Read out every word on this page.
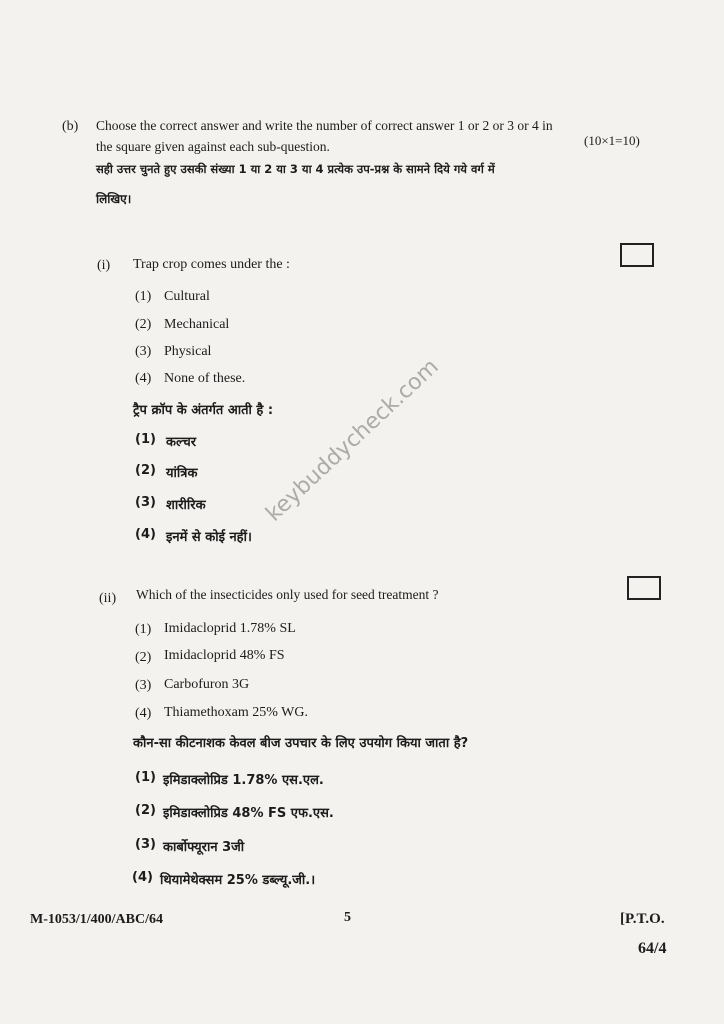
(b) Choose the correct answer and write the number of correct answer 1 or 2 or 3 or 4 in
the square given against each sub-question.	(10×1=10)
सही उत्तर चुनते हुए उसकी संख्या 1 या 2 या 3 या 4 प्रत्येक उप-प्रश्न के सामने दिये गये वर्ग में
लिखिए।
(i) Trap crop comes under the :
(1) Cultural
(2) Mechanical
(3) Physical
(4) None of these.
ट्रैप क्रॉप के अंतर्गत आती है :
(1) कल्चर
(2) यांत्रिक
(3) शारीरिक
(4) इनमें से कोई नहीं।
(ii) Which of the insecticides only used for seed treatment ?
(1) Imidacloprid 1.78% SL
(2) Imidacloprid 48% FS
(3) Carbofuron 3G
(4) Thiamethoxam 25% WG.
कौन-सा कीटनाशक केवल बीज उपचार के लिए उपयोग किया जाता है?
(1) इमिडाक्लोप्रिड 1.78% एस.एल.
(2) इमिडाक्लोप्रिड 48% FS एफ.एस.
(3) कार्बोफ्यूरान 3जी
(4) थियामेथेक्सम 25% डब्ल्यू.जी.।
keybuddycheck.com
M-1053/1/400/ABC/64	5	[P.T.O.
64/4
